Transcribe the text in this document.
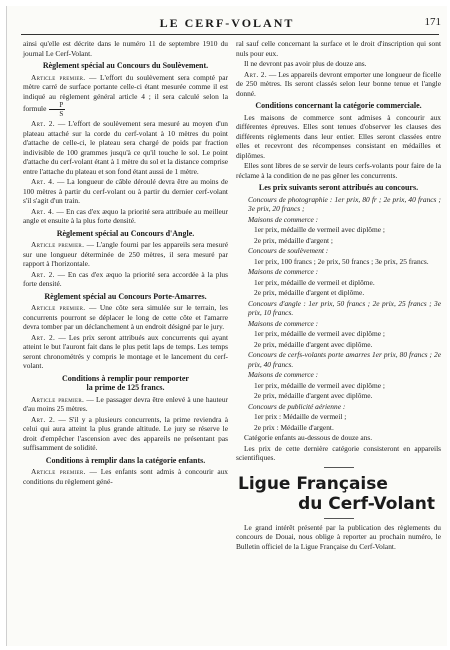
LE CERF-VOLANT	171

ainsi qu'elle est décrite dans le numéro 11 de septembre 1910 du journal Le Cerf-Volant.

Règlement spécial au Concours du Soulèvement.

Article premier. — L'effort du soulèvement sera compté par mètre carré de surface portante celle-ci étant mesurée comme il est indiqué au règlement général article 4 ; il sera calculé selon la formule $\frac{P}{S}$

Art. 2. — L'effort de soulèvement sera mesuré au moyen d'un plateau attaché sur la corde du cerf-volant à 10 mètres du point d'attache de celle-ci, le plateau sera chargé de poids par fraction indivisible de 100 grammes jusqu'à ce qu'il touche le sol. Le point d'attache du cerf-volant étant à 1 mètre du sol et la distance comprise entre l'attache du plateau et son fond étant aussi de 1 mètre.

Art. 4. — La longueur de câble déroulé devra être au moins de 100 mètres à partir du cerf-volant ou à partir du dernier cerf-volant s'il s'agit d'un train.

Art. 4. — En cas d'ex æquo la priorité sera attribuée au meilleur angle et ensuite à la plus forte densité.

Règlement spécial au Concours d'Angle.

Article premier. — L'angle fourni par les appareils sera mesuré sur une longueur déterminée de 250 mètres, il sera mesuré par rapport à l'horizontale.

Art. 2. — En cas d'ex æquo la priorité sera accordée à la plus forte densité.

Règlement spécial au Concours Porte-Amarres.

Article premier. — Une côte sera simulée sur le terrain, les concurrents pourront se déplacer le long de cette côte et l'amarre devra tomber par un déclanchement à un endroit désigné par le jury.

Art. 2. — Les prix seront attribués aux concurrents qui ayant atteint le but l'auront fait dans le plus petit laps de temps. Les temps seront chronométrés y compris le montage et le lancement du cerf-volant.

Conditions à remplir pour remporter
la prime de 125 francs.

Article premier. — Le passager devra être enlevé à une hauteur d'au moins 25 mètres.

Art. 2. — S'il y a plusieurs concurrents, la prime reviendra à celui qui aura atteint la plus grande altitude. Le jury se réserve le droit d'empêcher l'ascension avec des appareils ne présentant pas suffisamment de solidité.

Conditions à remplir dans la catégorie enfants.

Article premier. — Les enfants sont admis à concourir aux conditions du règlement géné-

ral sauf celle concernant la surface et le droit d'inscription qui sont nuls pour eux.

Il ne devront pas avoir plus de douze ans.

Art. 2. — Les appareils devront emporter une longueur de ficelle de 250 mètres. Ils seront classés selon leur bonne tenue et l'angle donné.

Conditions concernant la catégorie commerciale.

Les maisons de commerce sont admises à concourir aux différentes épreuves. Elles sont tenues d'observer les clauses des différents règlements dans leur entier. Elles seront classées entre elles et recevront des récompenses consistant en médailles et diplômes.

Elles sont libres de se servir de leurs cerfs-volants pour faire de la réclame à la condition de ne pas gêner les concurrents.

Les prix suivants seront attribués au concours.

Concours de photographie : 1er prix, 80 fr ; 2e prix, 40 francs ; 3e prix, 20 francs ;

Maisons de commerce :

1er prix, médaille de vermeil avec diplôme ;

2e prix, médaille d'argent ;

Concours de soulèvement :

1er prix, 100 francs ; 2e prix, 50 francs ; 3e prix, 25 francs.

Maisons de commerce :

1er prix, médaille de vermeil et diplôme.

2e prix, médaille d'argent et diplôme.

Concours d'angle : 1er prix, 50 francs ; 2e prix, 25 francs ; 3e prix, 10 francs.

Maisons de commerce :

1er prix, médaille de vermeil avec diplôme ;

2e prix, médaille d'argent avec diplôme.

Concours de cerfs-volants porte amarres 1er prix, 80 francs ; 2e prix, 40 francs.

Maisons de commerce :

1er prix, médaille de vermeil avec diplôme ;

2e prix, médaille d'argent avec diplôme.

Concours de publicité aérienne :

1er prix : Médaille de vermeil ;

2e prix : Médaille d'argent.

Catégorie enfants au-dessous de douze ans.

Les prix de cette dernière catégorie consisteront en appareils scientifiques.

Ligue Française
du Cerf-Volant

Le grand intérêt présenté par la publication des règlements du concours de Douai, nous oblige à reporter au prochain numéro, le Bulletin officiel de la Ligue Française du Cerf-Volant.
